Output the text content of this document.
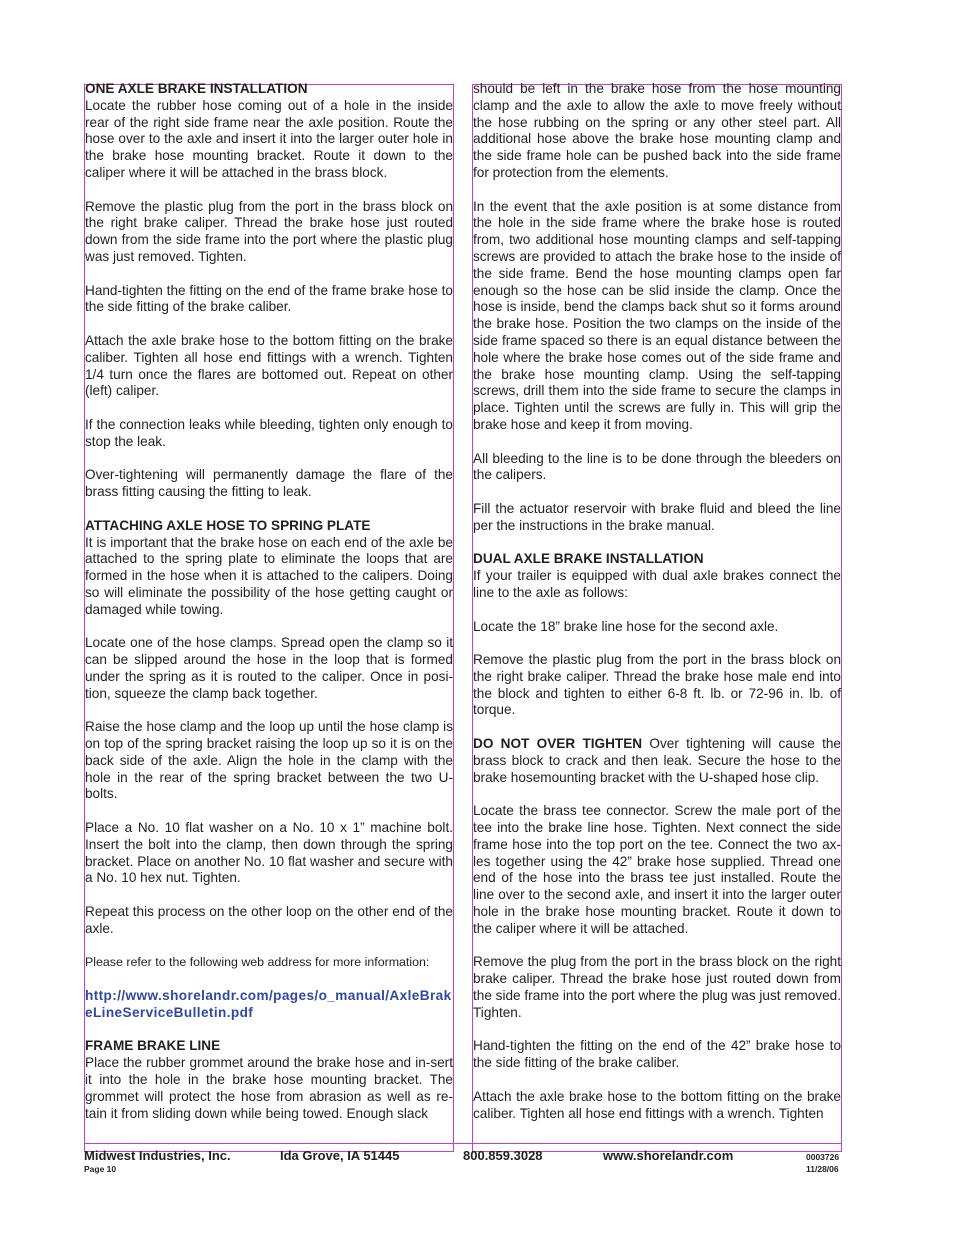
ONE AXLE BRAKE INSTALLATION

Locate the rubber hose coming out of a hole in the inside rear of the right side frame near the axle position. Route the hose over to the axle and insert it into the larger outer hole in the brake hose mounting bracket. Route it down to the caliper where it will be attached in the brass block.

Remove the plastic plug from the port in the brass block on the right brake caliper. Thread the brake hose just routed down from the side frame into the port where the plastic plug was just removed. Tighten.

Hand-tighten the fitting on the end of the frame brake hose to the side fitting of the brake caliber.

Attach the axle brake hose to the bottom fitting on the brake caliber. Tighten all hose end fittings with a wrench. Tighten 1/4 turn once the flares are bottomed out. Repeat on other (left) caliper.

If the connection leaks while bleeding, tighten only enough to stop the leak.

Over-tightening will permanently damage the flare of the brass fitting causing the fitting to leak.

ATTACHING AXLE HOSE TO SPRING PLATE

It is important that the brake hose on each end of the axle be attached to the spring plate to eliminate the loops that are formed in the hose when it is attached to the calipers. Doing so will eliminate the possibility of the hose getting caught or damaged while towing.

Locate one of the hose clamps. Spread open the clamp so it can be slipped around the hose in the loop that is formed under the spring as it is routed to the caliper. Once in posi-tion, squeeze the clamp back together.

Raise the hose clamp and the loop up until the hose clamp is on top of the spring bracket raising the loop up so it is on the back side of the axle. Align the hole in the clamp with the hole in the rear of the spring bracket between the two U-bolts.

Place a No. 10 flat washer on a No. 10 x 1” machine bolt. Insert the bolt into the clamp, then down through the spring bracket. Place on another No. 10 flat washer and secure with a No. 10 hex nut. Tighten.

Repeat this process on the other loop on the other end of the axle.

Please refer to the following web address for more information:

http://www.shorelandr.com/pages/o_manual/AxleBrakeLineServiceBulletin.pdf

FRAME BRAKE LINE

Place the rubber grommet around the brake hose and in-sert it into the hole in the brake hose mounting bracket. The grommet will protect the hose from abrasion as well as re-tain it from sliding down while being towed. Enough slack

should be left in the brake hose from the hose mounting clamp and the axle to allow the axle to move freely without the hose rubbing on the spring or any other steel part. All additional hose above the brake hose mounting clamp and the side frame hole can be pushed back into the side frame for protection from the elements.

In the event that the axle position is at some distance from the hole in the side frame where the brake hose is routed from, two additional hose mounting clamps and self-tapping screws are provided to attach the brake hose to the inside of the side frame. Bend the hose mounting clamps open far enough so the hose can be slid inside the clamp. Once the hose is inside, bend the clamps back shut so it forms around the brake hose. Position the two clamps on the inside of the side frame spaced so there is an equal distance between the hole where the brake hose comes out of the side frame and the brake hose mounting clamp. Using the self-tapping screws, drill them into the side frame to secure the clamps in place. Tighten until the screws are fully in. This will grip the brake hose and keep it from moving.

All bleeding to the line is to be done through the bleeders on the calipers.

Fill the actuator reservoir with brake fluid and bleed the line per the instructions in the brake manual.

DUAL AXLE BRAKE INSTALLATION

If your trailer is equipped with dual axle brakes connect the line to the axle as follows:

Locate the 18” brake line hose for the second axle.

Remove the plastic plug from the port in the brass block on the right brake caliper. Thread the brake hose male end into the block and tighten to either 6-8 ft. lb. or 72-96 in. lb. of torque.

DO NOT OVER TIGHTEN Over tightening will cause the brass block to crack and then leak. Secure the hose to the brake hosemounting bracket with the U-shaped hose clip.

Locate the brass tee connector. Screw the male port of the tee into the brake line hose. Tighten. Next connect the side frame hose into the top port on the tee. Connect the two ax-les together using the 42” brake hose supplied. Thread one end of the hose into the brass tee just installed. Route the line over to the second axle, and insert it into the larger outer hole in the brake hose mounting bracket. Route it down to the caliper where it will be attached.

Remove the plug from the port in the brass block on the right brake caliper. Thread the brake hose just routed down from the side frame into the port where the plug was just removed. Tighten.

Hand-tighten the fitting on the end of the 42” brake hose to the side fitting of the brake caliber.

Attach the axle brake hose to the bottom fitting on the brake caliber. Tighten all hose end fittings with a wrench. Tighten

Midwest Industries, Inc.	Ida Grove, IA 51445	800.859.3028	www.shorelandr.com
Page 10
0003726
11/28/06
